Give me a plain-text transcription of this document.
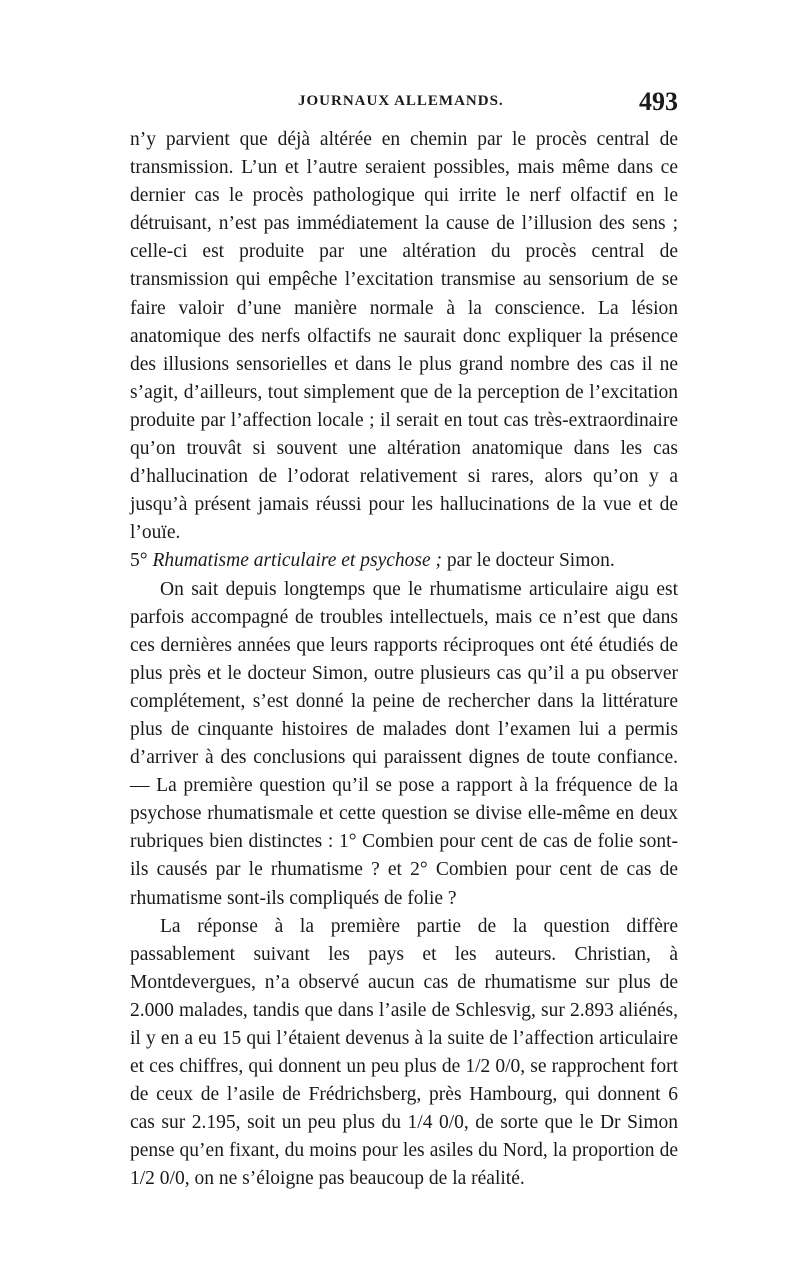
JOURNAUX ALLEMANDS.	493

n’y parvient que déjà altérée en chemin par le procès central de transmission. L’un et l’autre seraient possibles, mais même dans ce dernier cas le procès pathologique qui irrite le nerf olfactif en le détruisant, n’est pas immédiatement la cause de l’illusion des sens ; celle-ci est produite par une altération du procès central de transmission qui empêche l’excitation transmise au sensorium de se faire valoir d’une manière normale à la conscience. La lésion anatomique des nerfs olfactifs ne saurait donc expliquer la présence des illusions sensorielles et dans le plus grand nombre des cas il ne s’agit, d’ailleurs, tout simplement que de la perception de l’excitation produite par l’affection locale ; il serait en tout cas très-extraordinaire qu’on trouvât si souvent une altération anatomique dans les cas d’hallucination de l’odorat relativement si rares, alors qu’on y a jusqu’à présent jamais réussi pour les hallucinations de la vue et de l’ouïe.

5° Rhumatisme articulaire et psychose ; par le docteur Simon.

On sait depuis longtemps que le rhumatisme articulaire aigu est parfois accompagné de troubles intellectuels, mais ce n’est que dans ces dernières années que leurs rapports réciproques ont été étudiés de plus près et le docteur Simon, outre plusieurs cas qu’il a pu observer complétement, s’est donné la peine de rechercher dans la littérature plus de cinquante histoires de malades dont l’examen lui a permis d’arriver à des conclusions qui paraissent dignes de toute confiance. — La première question qu’il se pose a rapport à la fréquence de la psychose rhumatismale et cette question se divise elle-même en deux rubriques bien distinctes : 1° Combien pour cent de cas de folie sont-ils causés par le rhumatisme ? et 2° Combien pour cent de cas de rhumatisme sont-ils compliqués de folie ?

La réponse à la première partie de la question diffère passablement suivant les pays et les auteurs. Christian, à Montdevergues, n’a observé aucun cas de rhumatisme sur plus de 2.000 malades, tandis que dans l’asile de Schlesvig, sur 2.893 aliénés, il y en a eu 15 qui l’étaient devenus à la suite de l’affection articulaire et ces chiffres, qui donnent un peu plus de 1/2 0/0, se rapprochent fort de ceux de l’asile de Frédrichsberg, près Hambourg, qui donnent 6 cas sur 2.195, soit un peu plus du 1/4 0/0, de sorte que le Dr Simon pense qu’en fixant, du moins pour les asiles du Nord, la proportion de 1/2 0/0, on ne s’éloigne pas beaucoup de la réalité.
